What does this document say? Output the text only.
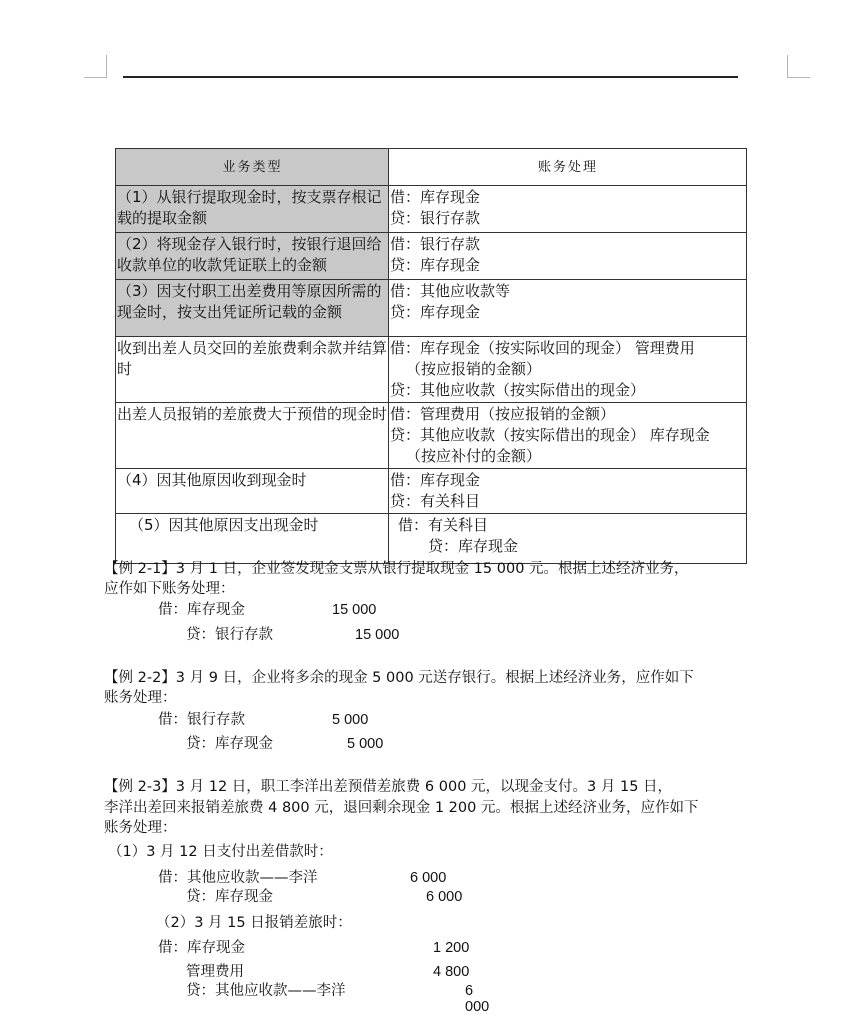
业务类型	账务处理
（1）从银行提取现金时，按支票存根记载的提取金额	借：库存现金
贷：银行存款

（2）将现金存入银行时，按银行退回给收款单位的收款凭证联上的金额	借：银行存款
贷：库存现金

（3）因支付职工出差费用等原因所需的现金时，按支出凭证所记载的金额	借：其他应收款等
贷：库存现金

收到出差人员交回的差旅费剩余款并结算时	借：库存现金（按实际收回的现金） 管理费用
（按应报销的金额）
贷：其他应收款（按实际借出的现金）

出差人员报销的差旅费大于预借的现金时	借：管理费用（按应报销的金额）
贷：其他应收款（按实际借出的现金） 库存现金
（按应补付的金额）

（4）因其他原因收到现金时	借：库存现金
贷：有关科目

（5）因其他原因支出现金时	借：有关科目
贷：库存现金
【例 2-1】3 月 1 日，企业签发现金支票从银行提取现金 15 000 元。根据上述经济业务，
应作如下账务处理：
借：库存现金	15 000
贷：银行存款	15 000
【例 2-2】3 月 9 日，企业将多余的现金 5 000 元送存银行。根据上述经济业务，应作如下
账务处理：
借：银行存款	5 000
贷：库存现金	5 000
【例 2-3】3 月 12 日，职工李洋出差预借差旅费 6 000 元，以现金支付。3 月 15 日，
李洋出差回来报销差旅费 4 800 元，退回剩余现金 1 200 元。根据上述经济业务，应作如下
账务处理：
（1）3 月 12 日支付出差借款时：
借：其他应收款——李洋	6 000
贷：库存现金	6 000
（2）3 月 15 日报销差旅时：
借：库存现金	1 200
管理费用	4 800
贷：其他应收款——李洋	6
000
